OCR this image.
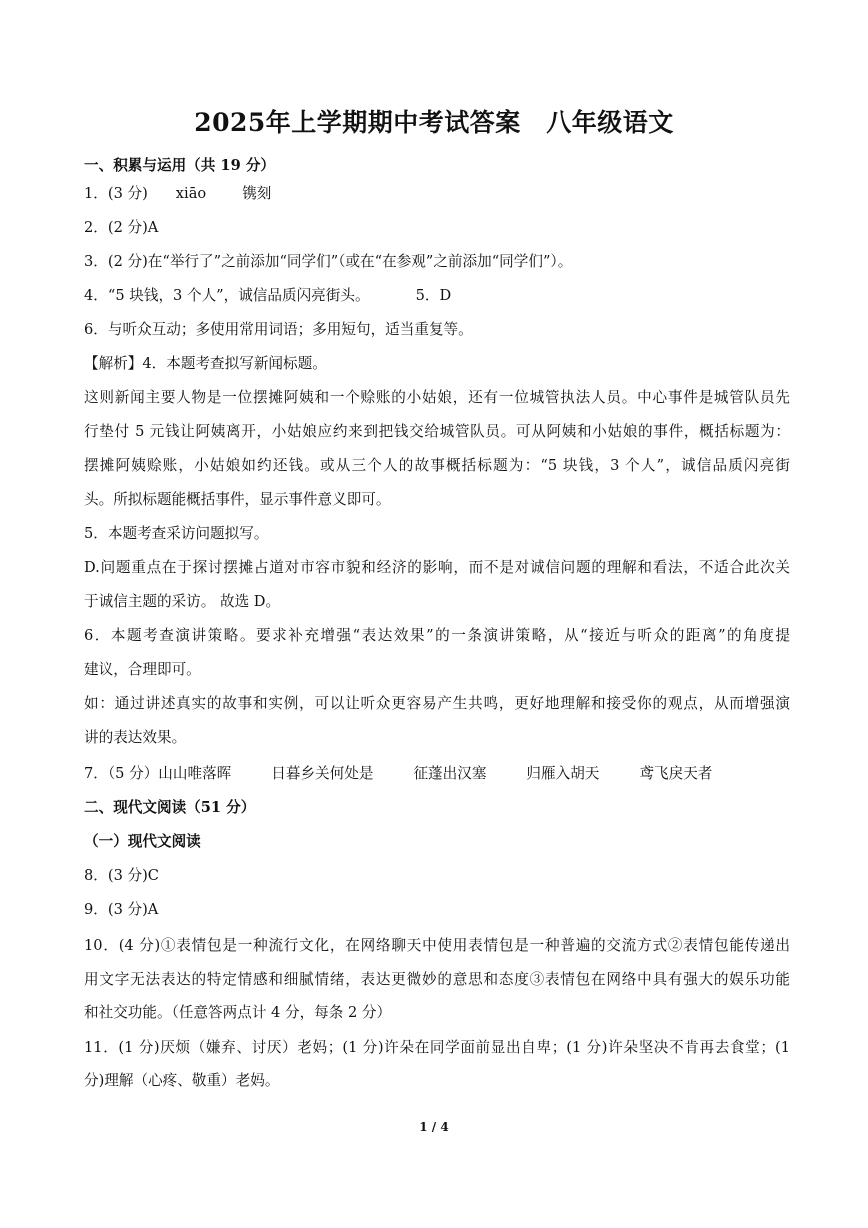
2025年上学期期中考试答案　八年级语文
一、积累与运用（共 19 分）
1．(3 分) xiāo 镌刻
2．(2 分)A
3．(2 分)在“举行了”之前添加“同学们”（或在“在参观”之前添加“同学们”）。
4．“5 块钱，3 个人”，诚信品质闪亮街头。	5．D
6．与听众互动；多使用常用词语；多用短句，适当重复等。
【解析】4．本题考查拟写新闻标题。
这则新闻主要人物是一位摆摊阿姨和一个赊账的小姑娘，还有一位城管执法人员。中心事件是城管队员先
行垫付 5 元钱让阿姨离开，小姑娘应约来到把钱交给城管队员。可从阿姨和小姑娘的事件，概括标题为：
摆摊阿姨赊账，小姑娘如约还钱。或从三个人的故事概括标题为：“5 块钱，3 个人”，诚信品质闪亮街
头。所拟标题能概括事件，显示事件意义即可。
5．本题考查采访问题拟写。
D.问题重点在于探讨摆摊占道对市容市貌和经济的影响，而不是对诚信问题的理解和看法，不适合此次关
于诚信主题的采访。 故选 D。
6．本题考查演讲策略。要求补充增强“表达效果”的一条演讲策略，从“接近与听众的距离”的角度提
建议，合理即可。
如：通过讲述真实的故事和实例，可以让听众更容易产生共鸣，更好地理解和接受你的观点，从而增强演
讲的表达效果。
7．（5 分）山山唯落晖	日暮乡关何处是	征蓬出汉塞	归雁入胡天	鸢飞戾天者
二、现代文阅读（51 分）
（一）现代文阅读
8．(3 分)C
9．(3 分)A
10．(4 分)①表情包是一种流行文化，在网络聊天中使用表情包是一种普遍的交流方式②表情包能传递出
用文字无法表达的特定情感和细腻情绪，表达更微妙的意思和态度③表情包在网络中具有强大的娱乐功能
和社交功能。（任意答两点计 4 分，每条 2 分）
11．(1 分)厌烦（嫌弃、讨厌）老妈；(1 分)许朵在同学面前显出自卑；(1 分)许朵坚决不肯再去食堂；(1
分)理解（心疼、敬重）老妈。
1 / 4
